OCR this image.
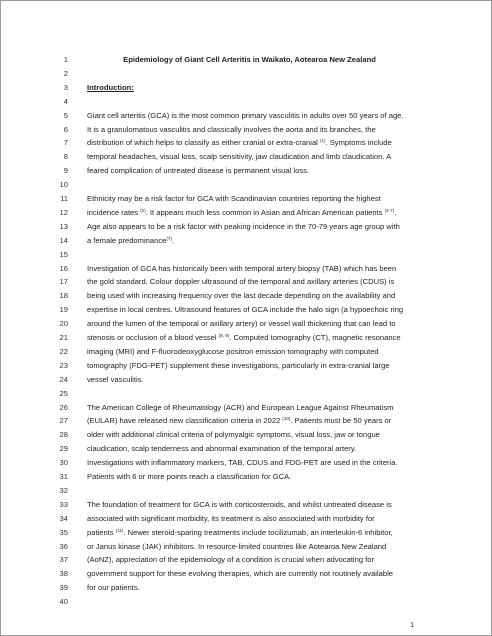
1	Epidemiology of Giant Cell Arteritis in Waikato, Aotearoa New Zealand
2
3	Introduction:
4
5	Giant cell arteritis (GCA) is the most common primary vasculitis in adults over 50 years of age.
6	It is a granulomatous vasculitis and classically involves the aorta and its branches, the
7	distribution of which helps to classify as either cranial or extra-cranial $^{(1)}$. Symptoms include
8	temporal headaches, visual loss, scalp sensitivity, jaw claudication and limb claudication. A
9	feared complication of untreated disease is permanent visual loss.
10
11	Ethnicity may be a risk factor for GCA with Scandinavian countries reporting the highest
12	incidence rates $^{(2)}$. It appears much less common in Asian and African American patients $^{(3-7)}$.
13	Age also appears to be a risk factor with peaking incidence in the 70-79 years age group with
14	a female predominance$^{(7)}$.
15
16	Investigation of GCA has historically been with temporal artery biopsy (TAB) which has been
17	the gold standard. Colour doppler ultrasound of the temporal and axillary arteries (CDUS) is
18	being used with increasing frequency over the last decade depending on the availability and
19	expertise in local centres. Ultrasound features of GCA include the halo sign (a hypoechoic ring
20	around the lumen of the temporal or axillary artery) or vessel wall thickening that can lead to
21	stenosis or occlusion of a blood vessel $^{(8, 9)}$. Computed tomography (CT), magnetic resonance
22	imaging (MRI) and F-fluorodeoxyglucose positron emission tomography with computed
23	tomography (FDG-PET) supplement these investigations, particularly in extra-cranial large
24	vessel vasculitis.
25
26	The American College of Rheumatology (ACR) and European League Against Rheumatism
27	(EULAR) have released new classification criteria in 2022 $^{(10)}$. Patients must be 50 years or
28	older with additional clinical criteria of polymyalgic symptoms, visual loss, jaw or tongue
29	claudication, scalp tenderness and abnormal examination of the temporal artery.
30	Investigations with inflammatory markers, TAB, CDUS and FDG-PET are used in the criteria.
31	Patients with 6 or more points reach a classification for GCA.
32
33	The foundation of treatment for GCA is with corticosteroids, and whilst untreated disease is
34	associated with significant morbidity, its treatment is also associated with morbidity for
35	patients $^{(11)}$. Newer steroid-sparing treatments include tocilizumab, an interleukin-6 inhibitor,
36	or Janus kinase (JAK) inhibitors. In resource-limited countries like Aotearoa New Zealand
37	(AoNZ), appreciation of the epidemiology of a condition is crucial when advocating for
38	government support for these evolving therapies, which are currently not routinely available
39	for our patients.
40
1
